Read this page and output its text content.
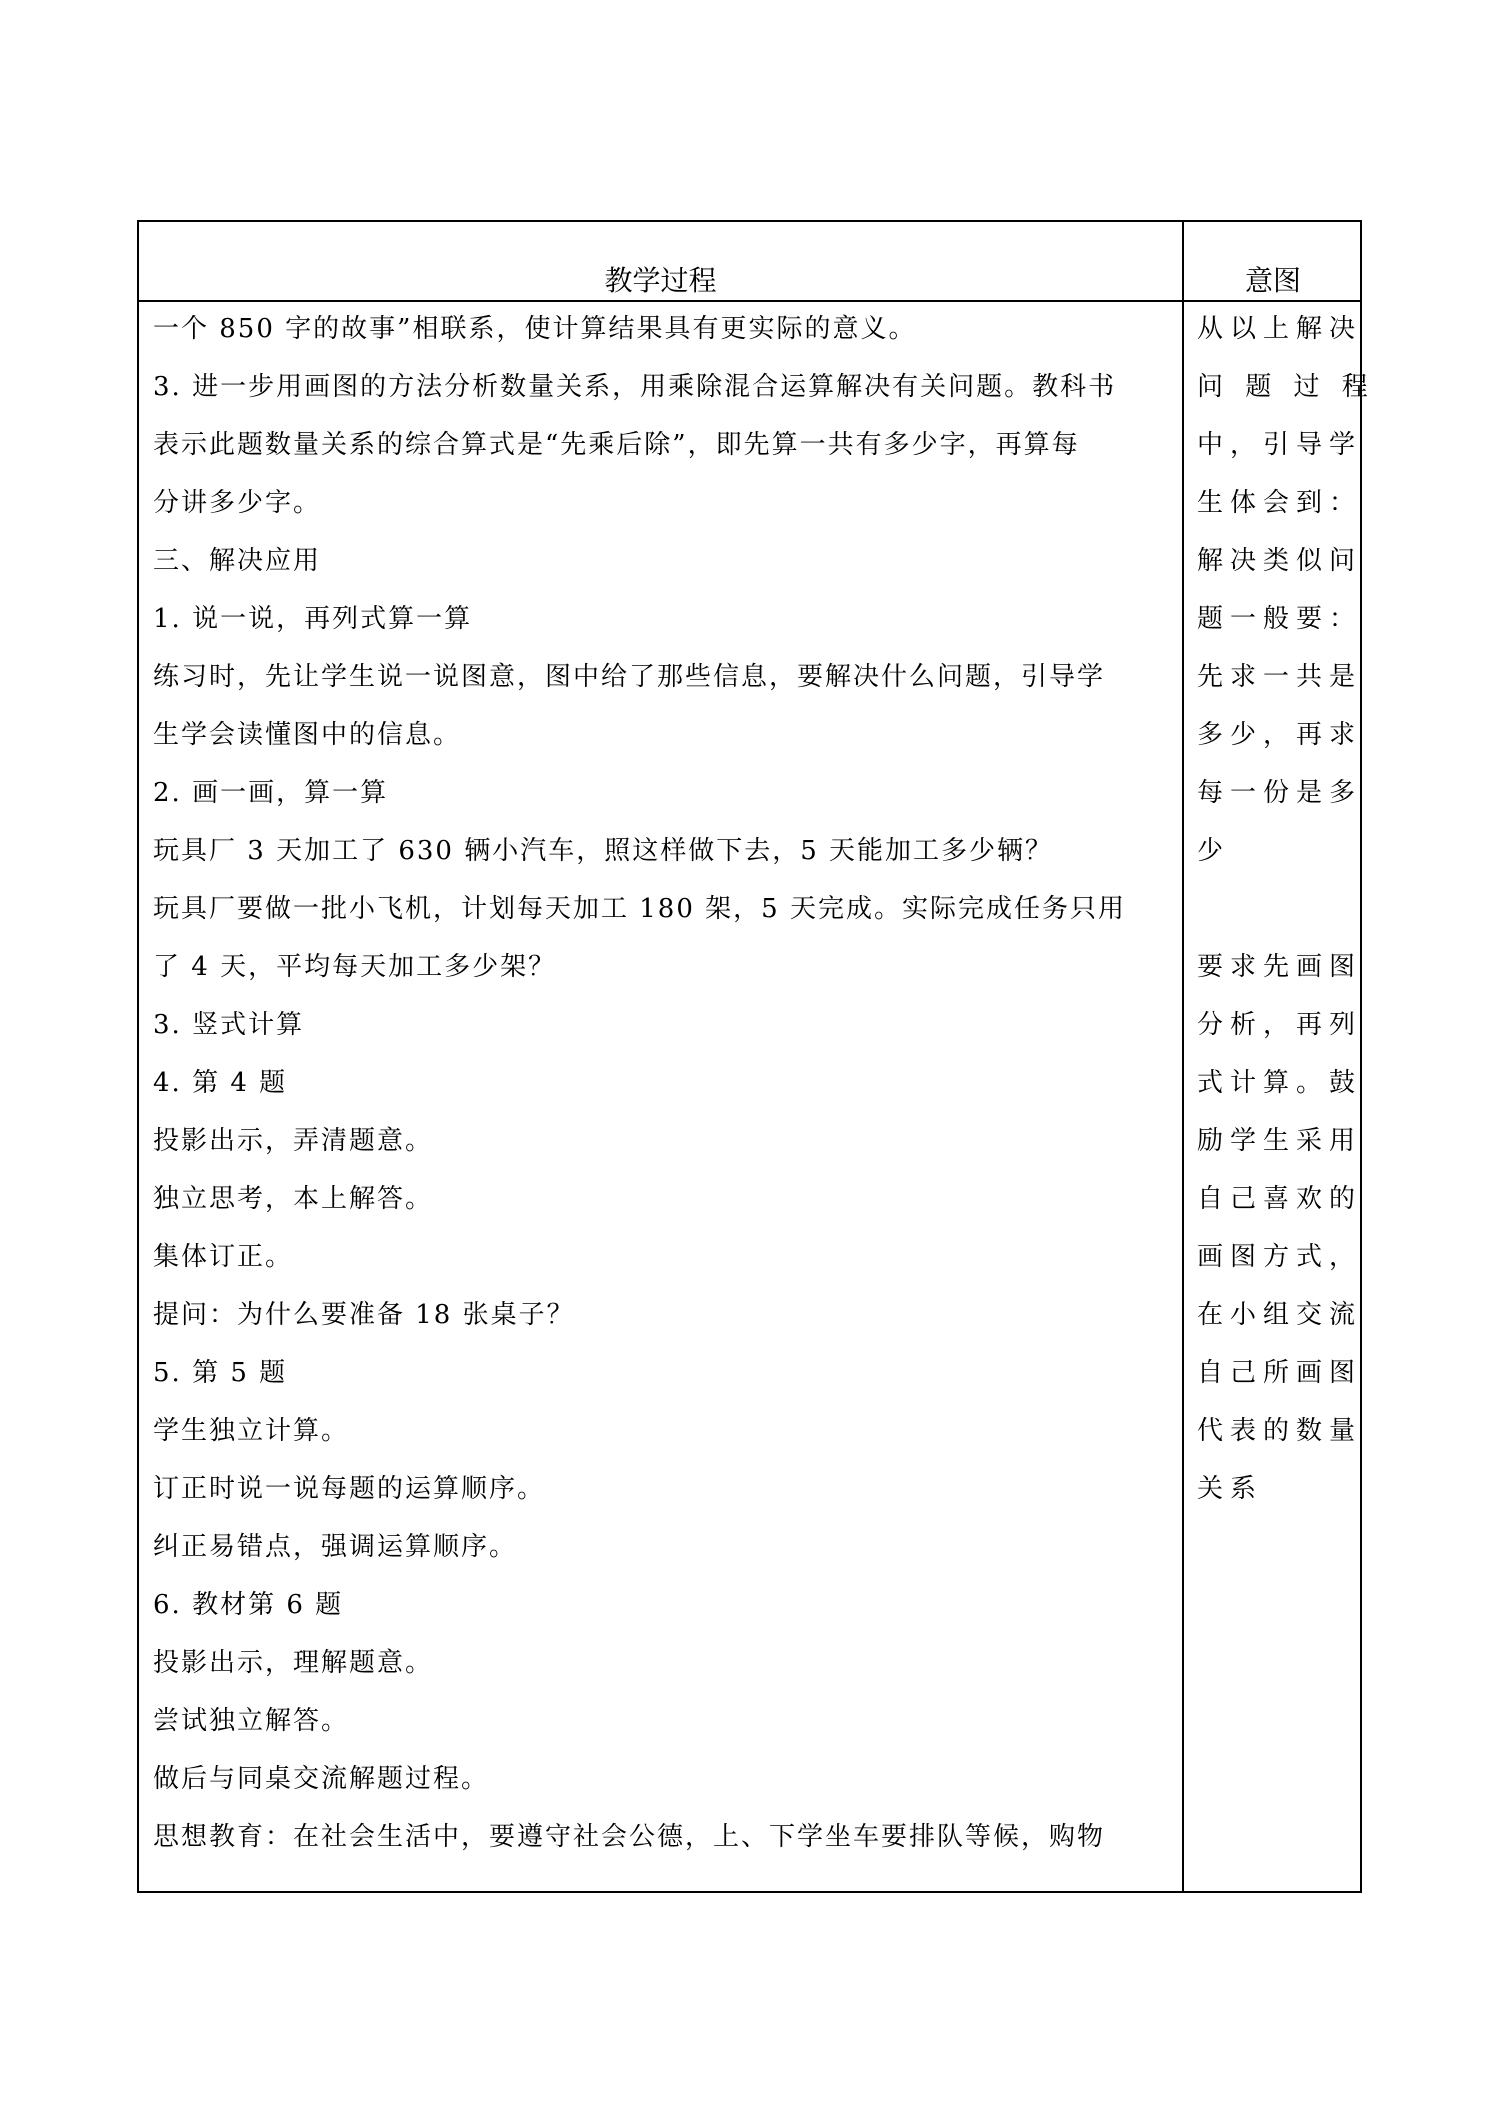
教学过程	意图
一个 850 字的故事”相联系，使计算结果具有更实际的意义。
3. 进一步用画图的方法分析数量关系，用乘除混合运算解决有关问题。教科书
表示此题数量关系的综合算式是“先乘后除”，即先算一共有多少字，再算每
分讲多少字。
三、解决应用
1. 说一说，再列式算一算
练习时，先让学生说一说图意，图中给了那些信息，要解决什么问题，引导学
生学会读懂图中的信息。
2. 画一画，算一算
玩具厂 3 天加工了 630 辆小汽车，照这样做下去，5 天能加工多少辆？
玩具厂要做一批小飞机，计划每天加工 180 架，5 天完成。实际完成任务只用
了 4 天，平均每天加工多少架？
3. 竖式计算
4. 第 4 题
投影出示，弄清题意。
独立思考，本上解答。
集体订正。
提问：为什么要准备 18 张桌子？
5. 第 5 题
学生独立计算。
订正时说一说每题的运算顺序。
纠正易错点，强调运算顺序。
6. 教材第 6 题
投影出示，理解题意。
尝试独立解答。
做后与同桌交流解题过程。
思想教育：在社会生活中，要遵守社会公德，上、下学坐车要排队等候，购物
从以上解决
问 题 过 程
中，引导学
生体会到：
解决类似问
题一般要：
先求一共是
多少，再求
每一份是多
少
要求先画图
分析，再列
式计算。鼓
励学生采用
自己喜欢的
画图方式，
在小组交流
自己所画图
代表的数量
关系
